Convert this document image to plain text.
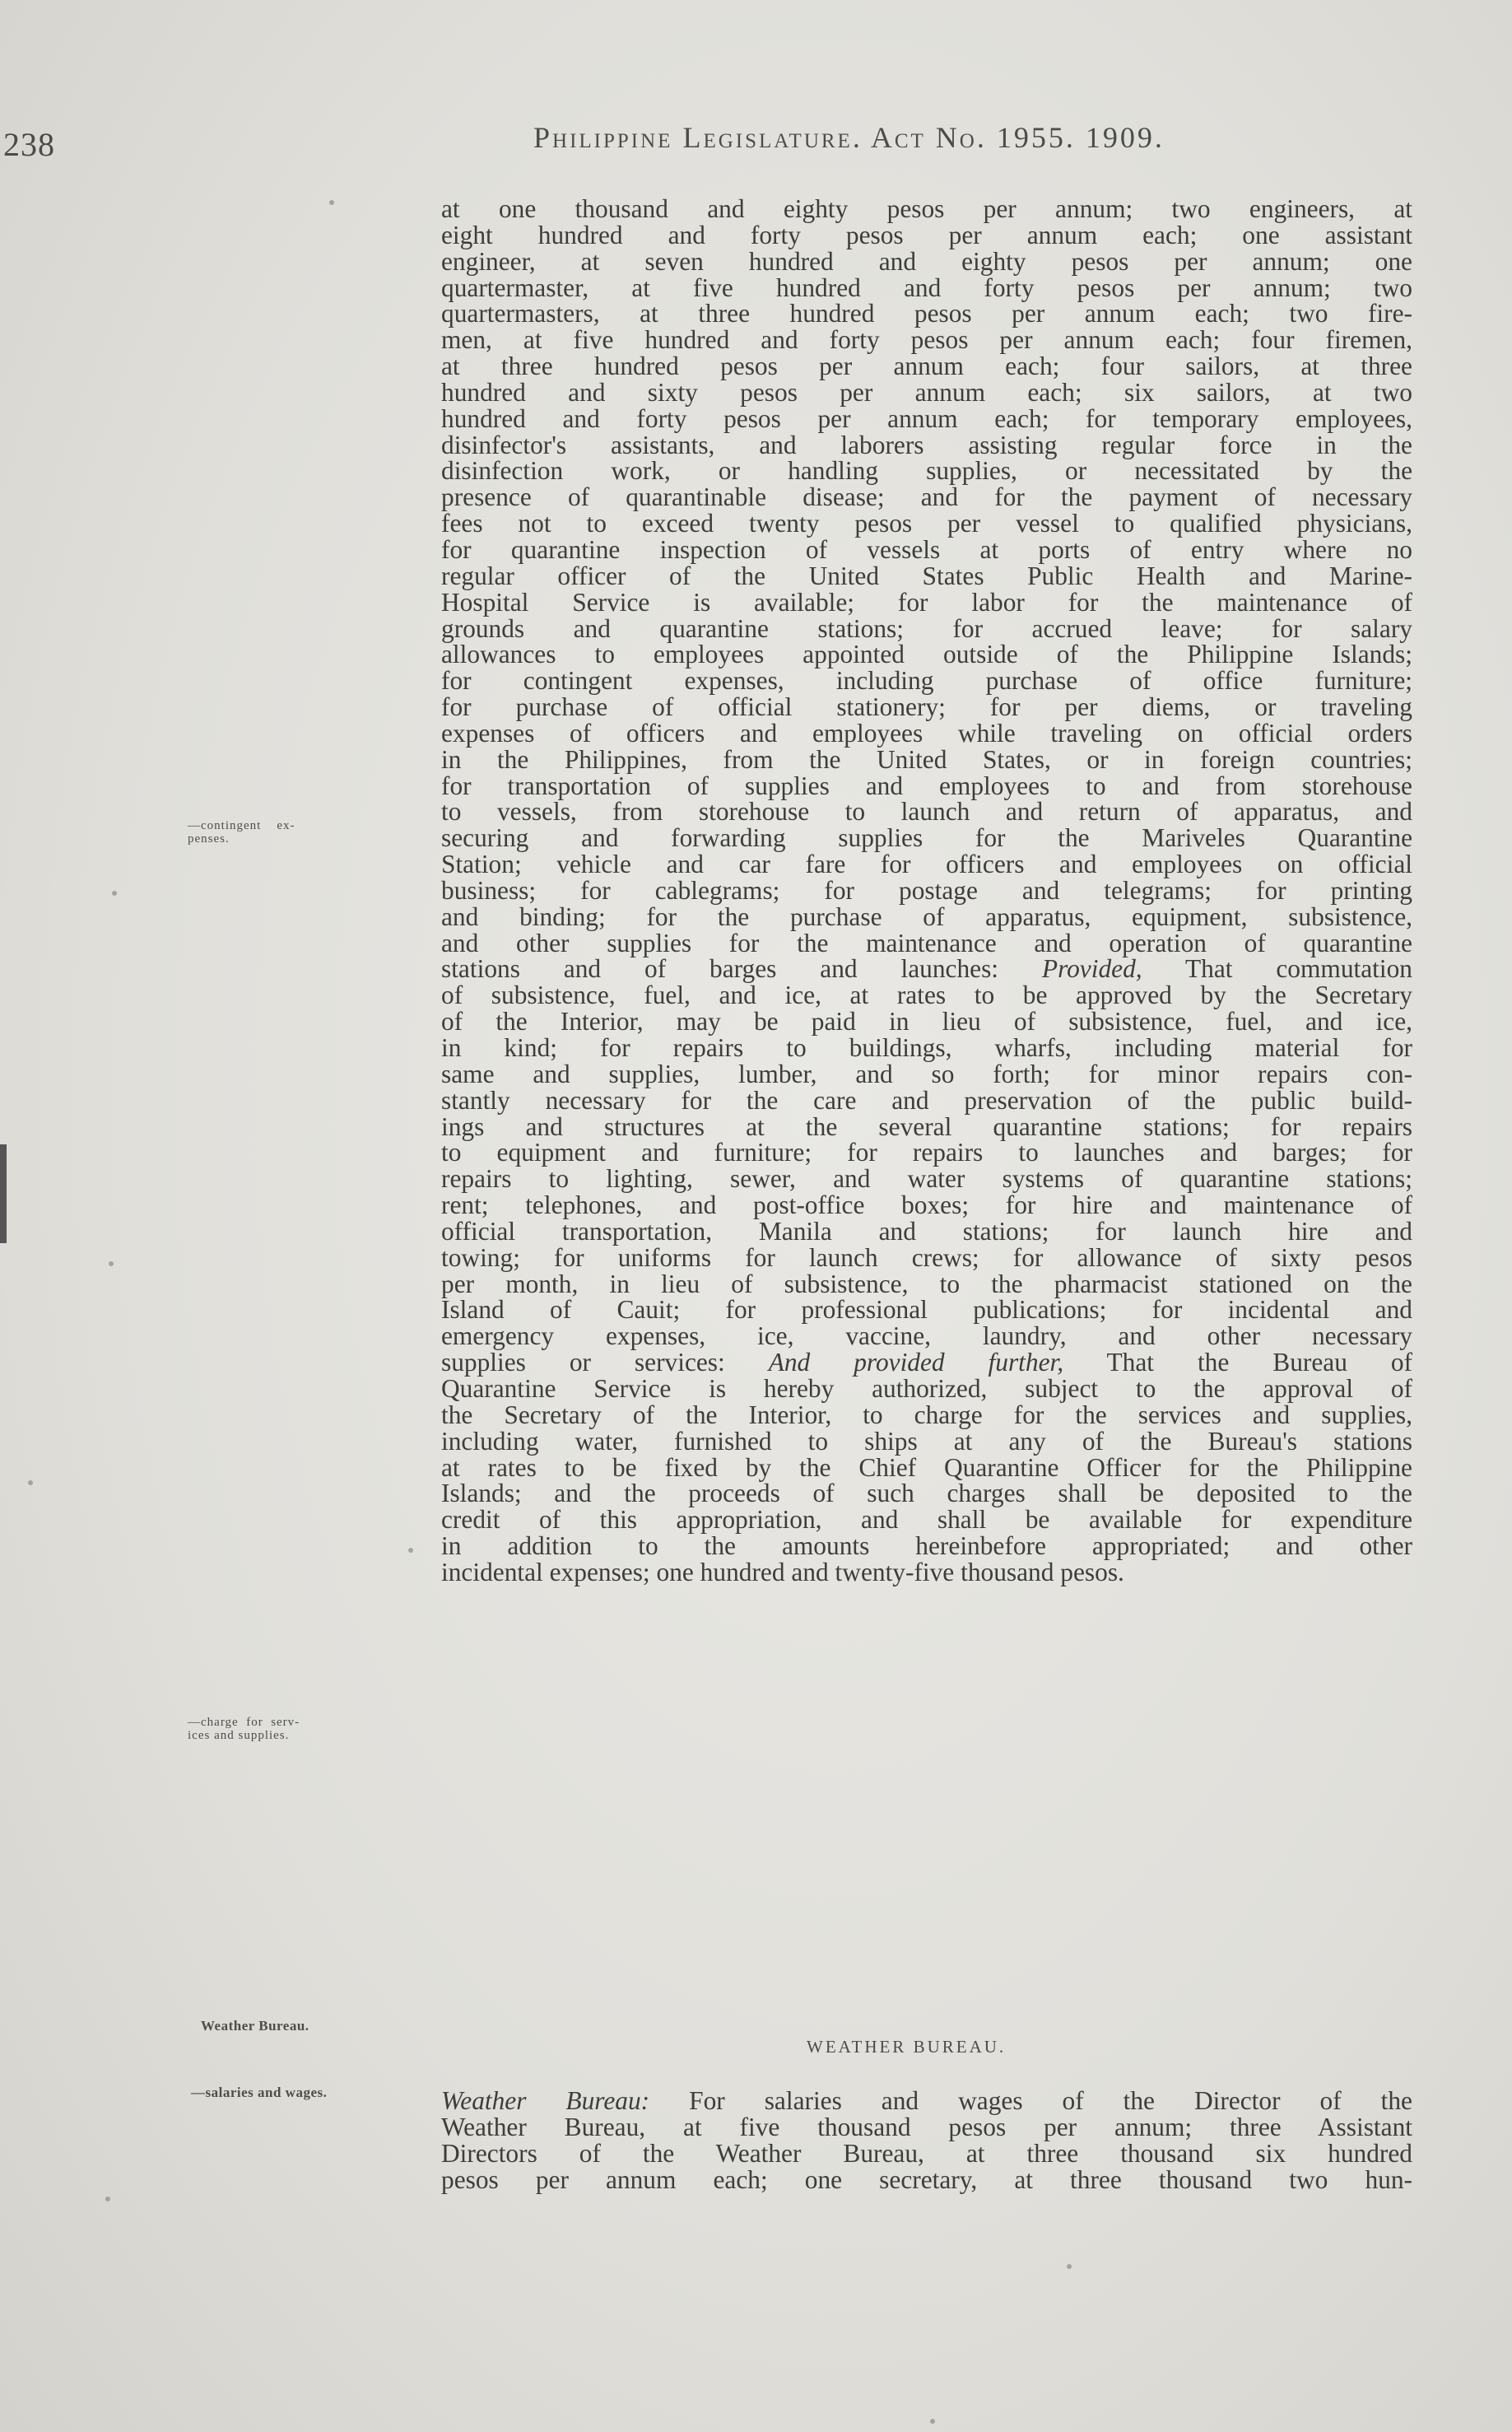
238	Philippine Legislature. Act No. 1955. 1909.
—contingent    ex-
penses.
—charge  for  serv-
ices and supplies.
Weather Bureau.
—salaries and wages.
at one thousand and eighty pesos per annum; two engineers, at
eight hundred and forty pesos per annum each; one assistant
engineer, at seven hundred and eighty pesos per annum; one
quartermaster, at five hundred and forty pesos per annum; two
quartermasters, at three hundred pesos per annum each; two fire-
men, at five hundred and forty pesos per annum each; four firemen,
at three hundred pesos per annum each; four sailors, at three
hundred and sixty pesos per annum each; six sailors, at two
hundred and forty pesos per annum each; for temporary employees,
disinfector's assistants, and laborers assisting regular force in the
disinfection work, or handling supplies, or necessitated by the
presence of quarantinable disease; and for the payment of necessary
fees not to exceed twenty pesos per vessel to qualified physicians,
for quarantine inspection of vessels at ports of entry where no
regular officer of the United States Public Health and Marine-
Hospital Service is available; for labor for the maintenance of
grounds and quarantine stations; for accrued leave; for salary
allowances to employees appointed outside of the Philippine Islands;
for contingent expenses, including purchase of office furniture;
for purchase of official stationery; for per diems, or traveling
expenses of officers and employees while traveling on official orders
in the Philippines, from the United States, or in foreign countries;
for transportation of supplies and employees to and from storehouse
to vessels, from storehouse to launch and return of apparatus, and
securing and forwarding supplies for the Mariveles Quarantine
Station; vehicle and car fare for officers and employees on official
business; for cablegrams; for postage and telegrams; for printing
and binding; for the purchase of apparatus, equipment, subsistence,
and other supplies for the maintenance and operation of quarantine
stations and of barges and launches: Provided, That commutation
of subsistence, fuel, and ice, at rates to be approved by the Secretary
of the Interior, may be paid in lieu of subsistence, fuel, and ice,
in kind; for repairs to buildings, wharfs, including material for
same and supplies, lumber, and so forth; for minor repairs con-
stantly necessary for the care and preservation of the public build-
ings and structures at the several quarantine stations; for repairs
to equipment and furniture; for repairs to launches and barges; for
repairs to lighting, sewer, and water systems of quarantine stations;
rent; telephones, and post-office boxes; for hire and maintenance of
official transportation, Manila and stations; for launch hire and
towing; for uniforms for launch crews; for allowance of sixty pesos
per month, in lieu of subsistence, to the pharmacist stationed on the
Island of Cauit; for professional publications; for incidental and
emergency expenses, ice, vaccine, laundry, and other necessary
supplies or services: And provided further, That the Bureau of
Quarantine Service is hereby authorized, subject to the approval of
the Secretary of the Interior, to charge for the services and supplies,
including water, furnished to ships at any of the Bureau's stations
at rates to be fixed by the Chief Quarantine Officer for the Philippine
Islands; and the proceeds of such charges shall be deposited to the
credit of this appropriation, and shall be available for expenditure
in addition to the amounts hereinbefore appropriated; and other
incidental expenses; one hundred and twenty-five thousand pesos.
WEATHER BUREAU.
Weather Bureau: For salaries and wages of the Director of the
Weather Bureau, at five thousand pesos per annum; three Assistant
Directors of the Weather Bureau, at three thousand six hundred
pesos per annum each; one secretary, at three thousand two hun-
